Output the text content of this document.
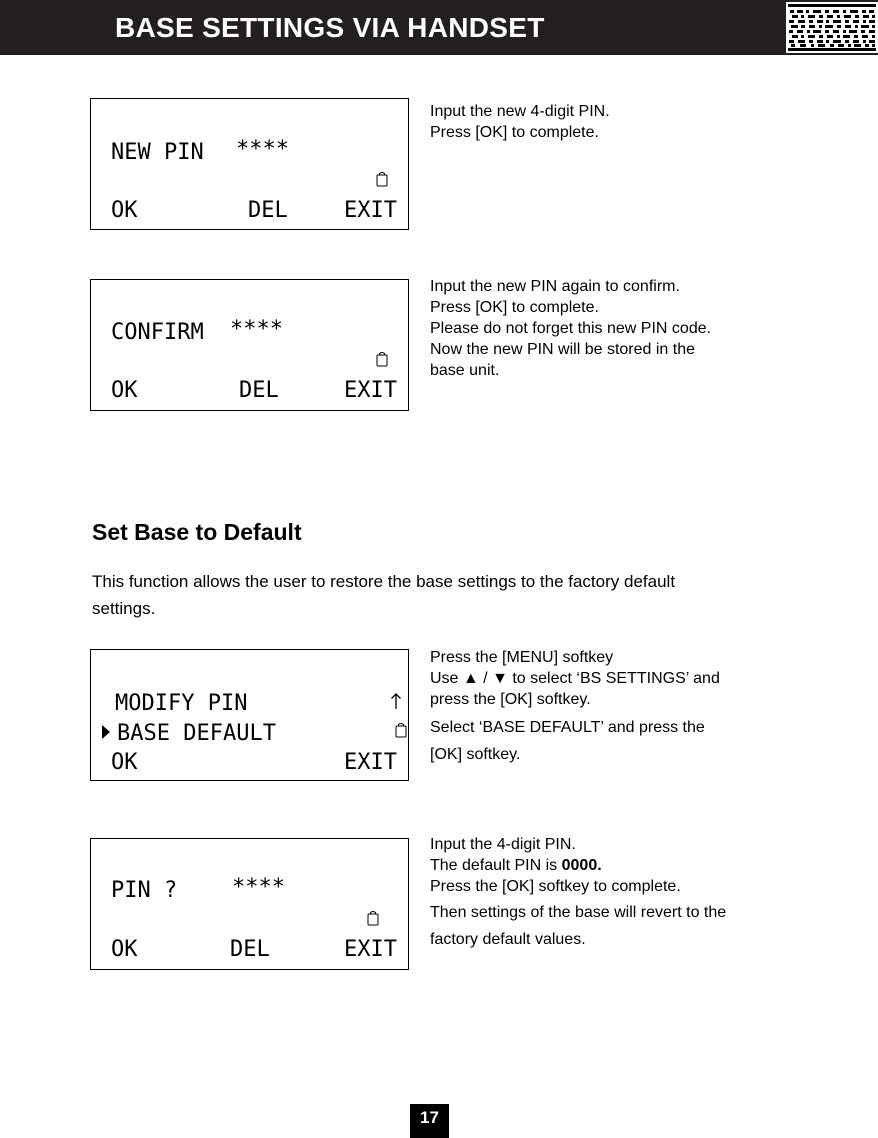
BASE SETTINGS VIA HANDSET
NEW PIN ****
OK	DEL	EXIT
Input the new 4-digit PIN.
Press [OK] to complete.
CONFIRM ****
OK	DEL	EXIT
Input the new PIN again to confirm.
Press [OK] to complete.
Please do not forget this new PIN code.
Now the new PIN will be stored in the
base unit.
Set Base to Default
This function allows the user to restore the base settings to the factory default
settings.
MODIFY PIN
BASE DEFAULT
OK	EXIT
Press the [MENU] softkey
Use ▲ / ▼ to select ‘BS SETTINGS’ and
press the [OK] softkey.
Select ‘BASE DEFAULT’ and press the
[OK] softkey.
PIN ? ****
OK	DEL	EXIT
Input the 4-digit PIN.
The default PIN is 0000.
Press the [OK] softkey to complete.
Then settings of the base will revert to the
factory default values.
17
